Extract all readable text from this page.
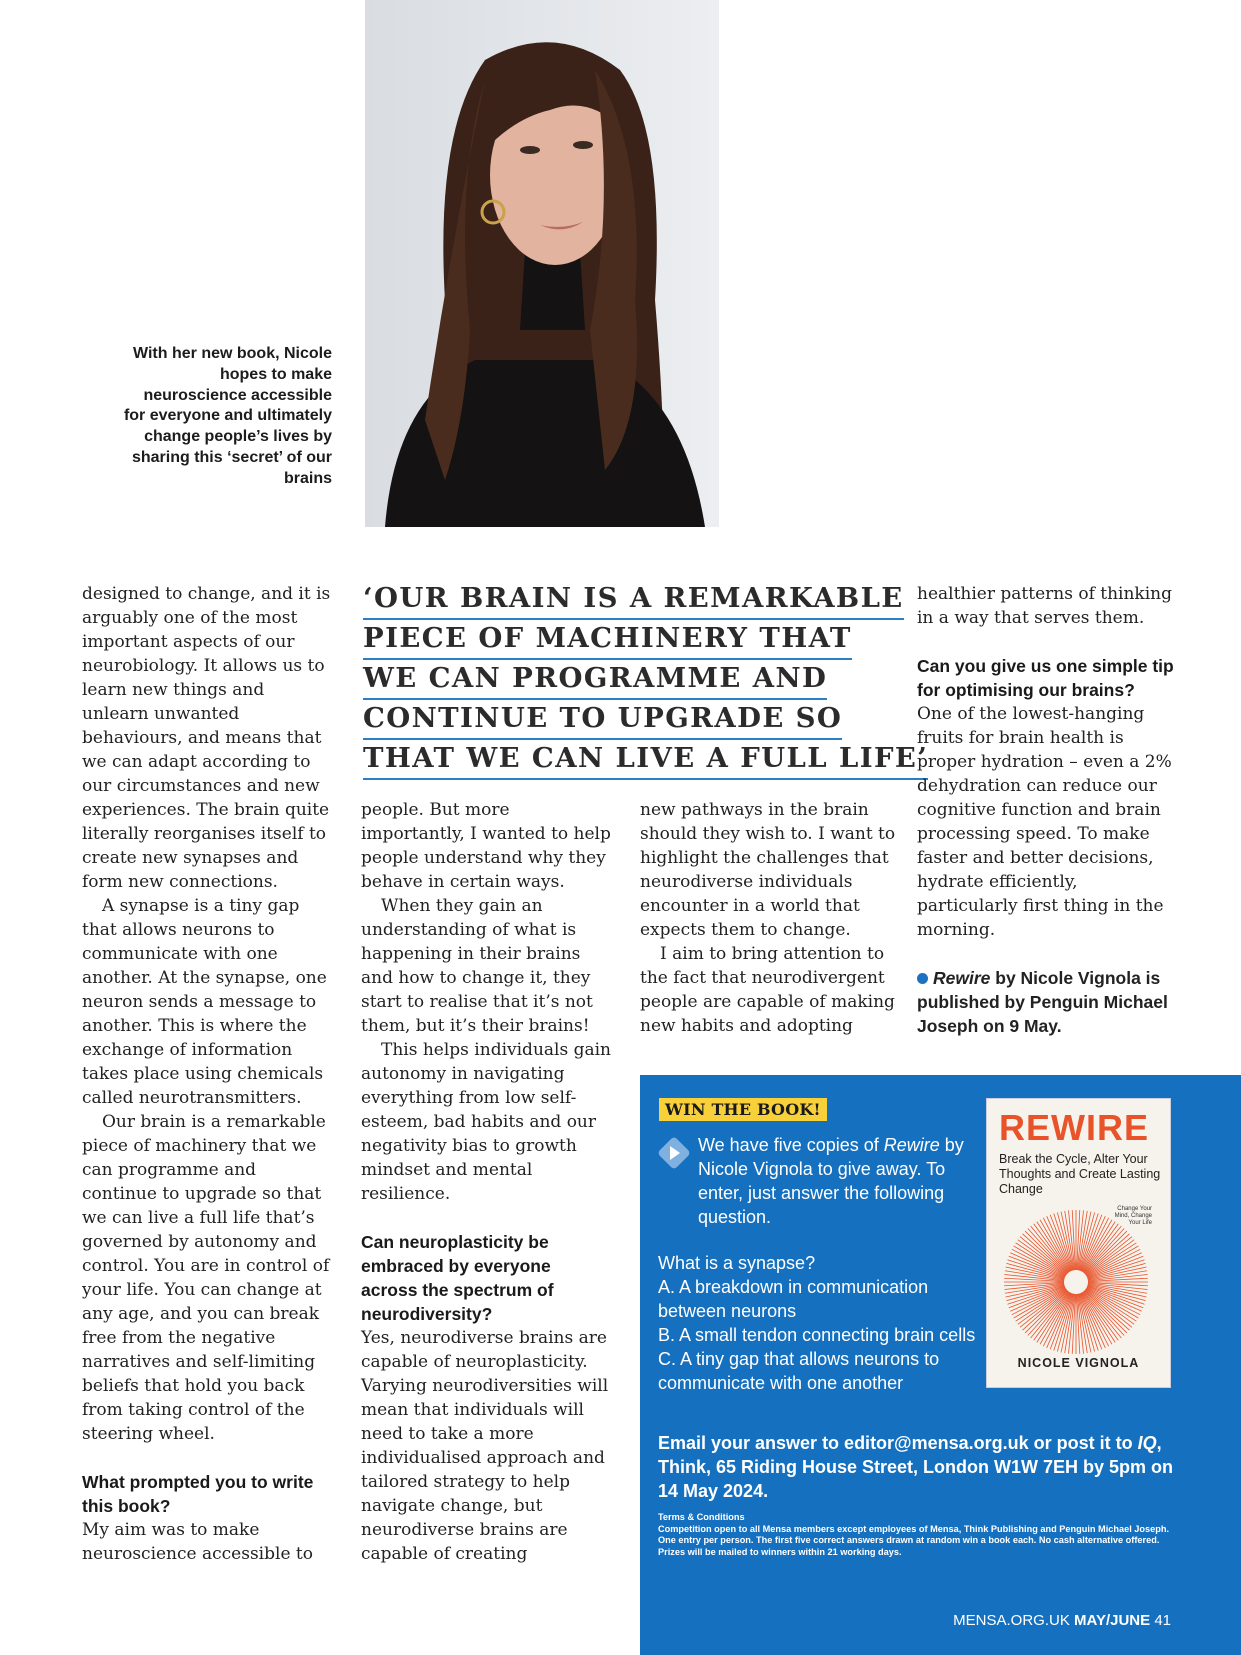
With her new book, Nicole hopes to make neuroscience accessible for everyone and ultimately change people’s lives by sharing this ‘secret’ of our brains
‘OUR BRAIN IS A REMARKABLE
PIECE OF MACHINERY THAT
WE CAN PROGRAMME AND
CONTINUE TO UPGRADE SO
THAT WE CAN LIVE A FULL LIFE’

designed to change, and it is arguably one of the most important aspects of our neurobiology. It allows us to learn new things and unlearn unwanted behaviours, and means that we can adapt according to our circumstances and new experiences. The brain quite literally reorganises itself to create new synapses and form new connections.

A synapse is a tiny gap that allows neurons to communicate with one another. At the synapse, one neuron sends a message to another. This is where the exchange of information takes place using chemicals called neurotransmitters.

Our brain is a remarkable piece of machinery that we can programme and continue to upgrade so that we can live a full life that’s governed by autonomy and control. You are in control of your life. You can change at any age, and you can break free from the negative narratives and self-limiting beliefs that hold you back from taking control of the steering wheel.

What prompted you to write this book?

My aim was to make neuroscience accessible to

people. But more importantly, I wanted to help people understand why they behave in certain ways.

When they gain an understanding of what is happening in their brains and how to change it, they start to realise that it’s not them, but it’s their brains!

This helps individuals gain autonomy in navigating everything from low self-esteem, bad habits and our negativity bias to growth mindset and mental resilience.

Can neuroplasticity be embraced by everyone across the spectrum of neurodiversity?

Yes, neurodiverse brains are capable of neuroplasticity. Varying neurodiversities will mean that individuals will need to take a more individualised approach and tailored strategy to help navigate change, but neurodiverse brains are capable of creating

new pathways in the brain should they wish to. I want to highlight the challenges that neurodiverse individuals encounter in a world that expects them to change.

I aim to bring attention to the fact that neurodivergent people are capable of making new habits and adopting

healthier patterns of thinking in a way that serves them.

Can you give us one simple tip for optimising our brains?

One of the lowest-hanging fruits for brain health is proper hydration – even a 2% dehydration can reduce our cognitive function and brain processing speed. To make faster and better decisions, hydrate efficiently, particularly first thing in the morning.

Rewire by Nicole Vignola is published by Penguin Michael Joseph on 9 May.

WIN THE BOOK!
We have five copies of Rewire by Nicole Vignola to give away. To enter, just answer the following question.

What is a synapse?

A. A breakdown in communication between neurons

B. A small tendon connecting brain cells

C. A tiny gap that allows neurons to communicate with one another

Email your answer to editor@mensa.org.uk or post it to IQ, Think, 65 Riding House Street, London W1W 7EH by 5pm on 14 May 2024.
Terms & Conditions
Competition open to all Mensa members except employees of Mensa, Think Publishing and Penguin Michael Joseph. One entry per person. The first five correct answers drawn at random win a book each. No cash alternative offered. Prizes will be mailed to winners within 21 working days.
REWIRE
Break the Cycle, Alter Your Thoughts and Create Lasting Change
Change Your Mind, Change Your Life
NICOLE VIGNOLA
MENSA.ORG.UK MAY/JUNE 41
